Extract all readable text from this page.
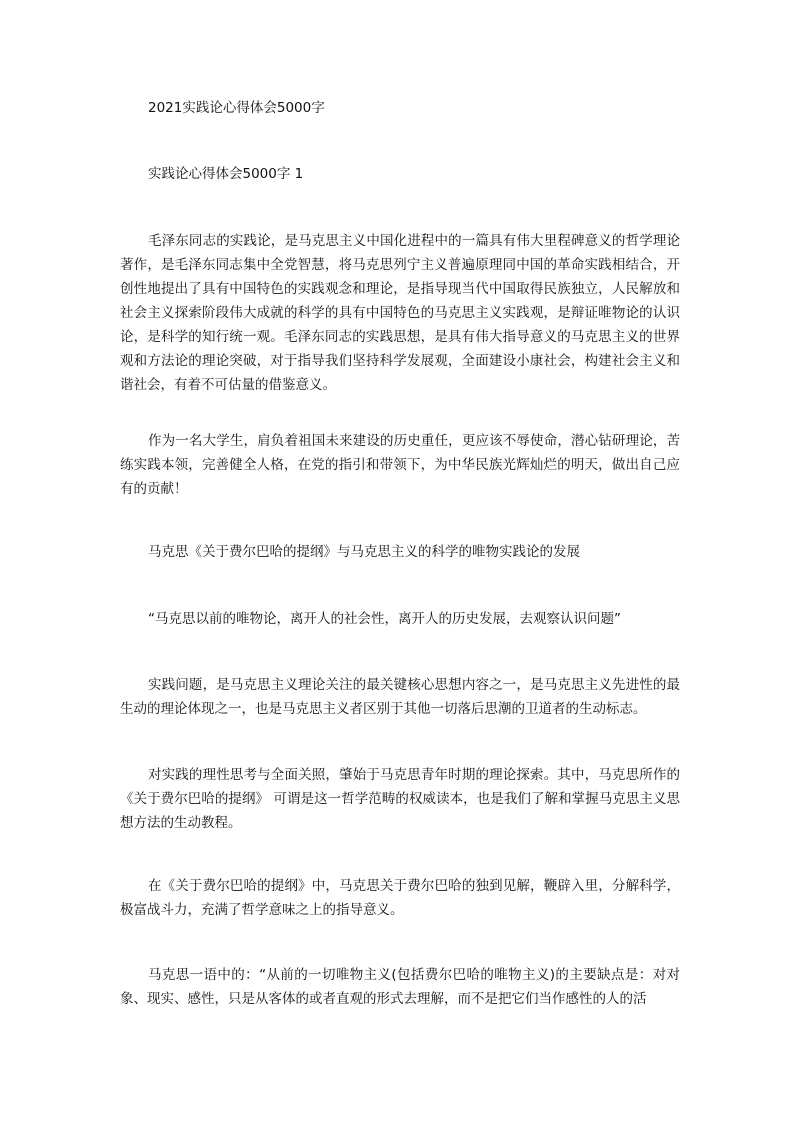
2021实践论心得体会5000字

实践论心得体会5000字 1

毛泽东同志的实践论，是马克思主义中国化进程中的一篇具有伟大里程碑意义的哲学理论著作，是毛泽东同志集中全党智慧，将马克思列宁主义普遍原理同中国的革命实践相结合，开创性地提出了具有中国特色的实践观念和理论，是指导现当代中国取得民族独立，人民解放和社会主义探索阶段伟大成就的科学的具有中国特色的马克思主义实践观，是辩证唯物论的认识论，是科学的知行统一观。毛泽东同志的实践思想，是具有伟大指导意义的马克思主义的世界观和方法论的理论突破，对于指导我们坚持科学发展观，全面建设小康社会，构建社会主义和谐社会，有着不可估量的借鉴意义。

作为一名大学生，肩负着祖国未来建设的历史重任，更应该不辱使命，潜心钻研理论，苦练实践本领，完善健全人格，在党的指引和带领下，为中华民族光辉灿烂的明天，做出自己应有的贡献！

马克思《关于费尔巴哈的提纲》与马克思主义的科学的唯物实践论的发展

“马克思以前的唯物论，离开人的社会性，离开人的历史发展，去观察认识问题”

实践问题，是马克思主义理论关注的最关键核心思想内容之一，是马克思主义先进性的最生动的理论体现之一，也是马克思主义者区别于其他一切落后思潮的卫道者的生动标志。

对实践的理性思考与全面关照，肇始于马克思青年时期的理论探索。其中，马克思所作的《关于费尔巴哈的提纲》 可谓是这一哲学范畴的权威读本，也是我们了解和掌握马克思主义思想方法的生动教程。

在《关于费尔巴哈的提纲》中，马克思关于费尔巴哈的独到见解，鞭辟入里，分解科学，极富战斗力，充满了哲学意味之上的指导意义。

马克思一语中的：“从前的一切唯物主义(包括费尔巴哈的唯物主义)的主要缺点是：对对象、现实、感性，只是从客体的或者直观的形式去理解，而不是把它们当作感性的人的活
